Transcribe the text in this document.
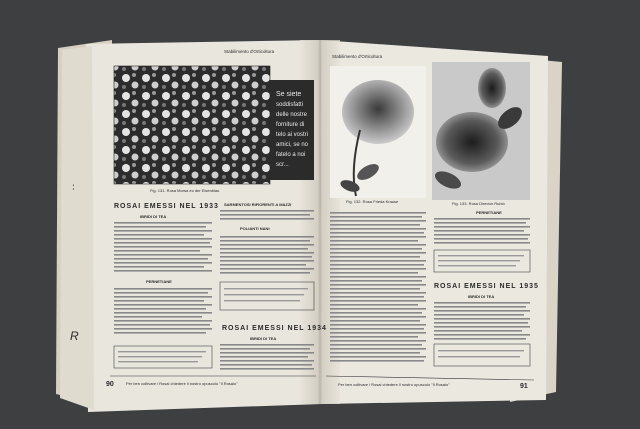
. .
R
Stabilimento d'Orticoltura
Se siete
soddisfatti
delle nostre
forniture di
telo ai vostri
amici, se no
fatelo a noi
scr...
Fig. 131. Rosa Morsa eo der Eisenblau
ROSAI EMESSI NEL 1933
IBRIDI DI TEA
PERNETIANE
SARMENTOSI RIFIORENTI A MAZZI
POLIANTI NANI
ROSAI EMESSI NEL 1934
IBRIDI DI TEA
90	Per ben coltivare i Rosai chiedere il nostro opuscolo "Il Rosaio"
Stabilimento d'Orticoltura
Fig. 132. Rosa Frieda Krause	Fig. 133. Rosa Director Rubió
PERNETIANE
ROSAI EMESSI NEL 1935
IBRIDI DI TEA
Per ben coltivare i Rosai chiedere il nostro opuscolo "Il Rosaio"	91
